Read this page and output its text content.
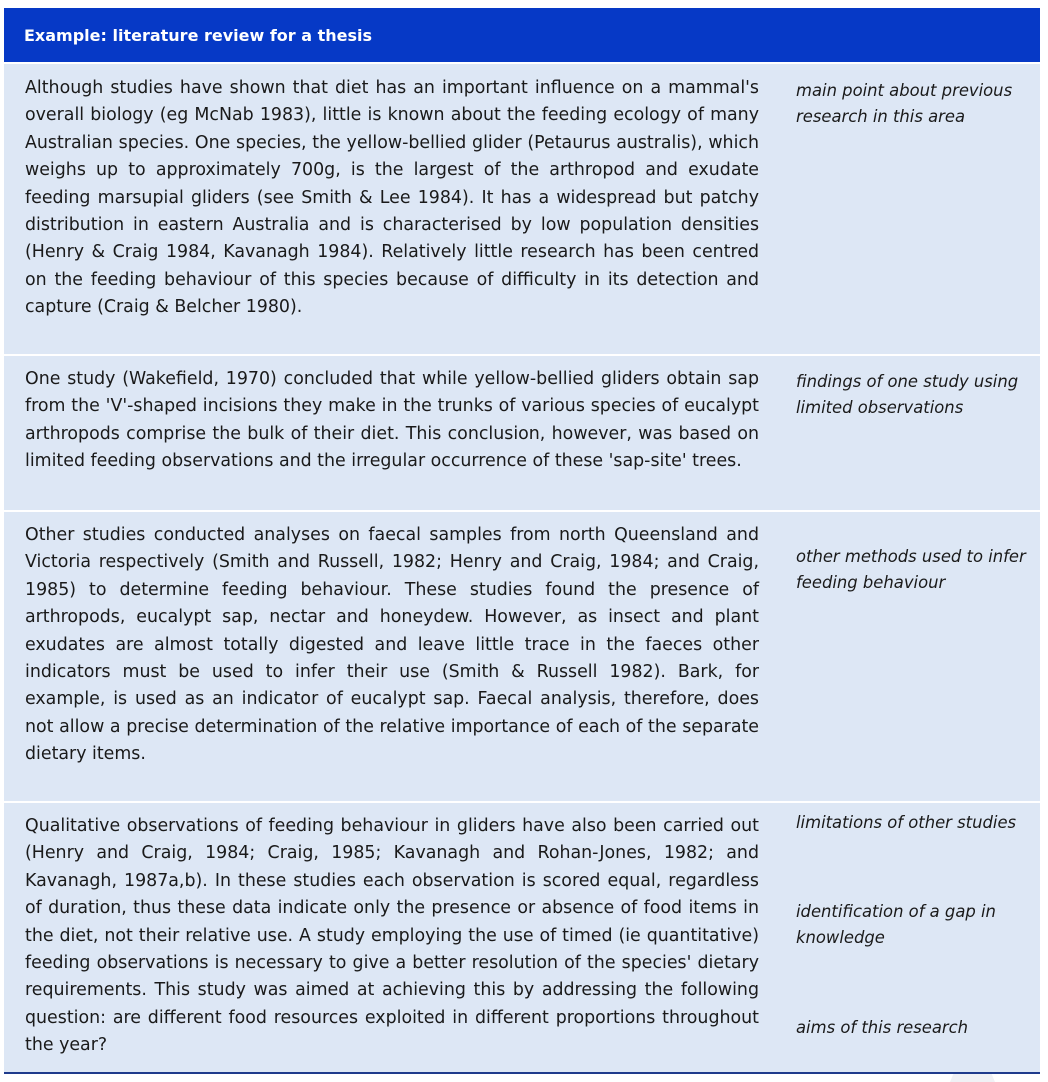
Example: literature review for a thesis
Although studies have shown that diet has an important influence on a mammal's overall biology (eg McNab 1983), little is known about the feeding ecology of many Australian species. One species, the yellow-bellied glider (Petaurus australis), which weighs up to approximately 700g, is the largest of the arthropod and exudate feeding marsupial gliders (see Smith & Lee 1984). It has a widespread but patchy distribution in eastern Australia and is characterised by low population densities (Henry & Craig 1984, Kavanagh 1984). Relatively little research has been centred on the feeding behaviour of this species because of difficulty in its detection and capture (Craig & Belcher 1980).
main point about previous research in this area
One study (Wakefield, 1970) concluded that while yellow-bellied gliders obtain sap from the 'V'-shaped incisions they make in the trunks of various species of eucalypt arthropods comprise the bulk of their diet. This conclusion, however, was based on limited feeding observations and the irregular occurrence of these 'sap-site' trees.
findings of one study using limited observations
Other studies conducted analyses on faecal samples from north Queensland and Victoria respectively (Smith and Russell, 1982; Henry and Craig, 1984; and Craig, 1985) to determine feeding behaviour. These studies found the presence of arthropods, eucalypt sap, nectar and honeydew. However, as insect and plant exudates are almost totally digested and leave little trace in the faeces other indicators must be used to infer their use (Smith & Russell 1982). Bark, for example, is used as an indicator of eucalypt sap. Faecal analysis, therefore, does not allow a precise determination of the relative importance of each of the separate dietary items.
other methods used to infer feeding behaviour
Qualitative observations of feeding behaviour in gliders have also been carried out (Henry and Craig, 1984; Craig, 1985; Kavanagh and Rohan-Jones, 1982; and Kavanagh, 1987a,b). In these studies each observation is scored equal, regardless of duration, thus these data indicate only the presence or absence of food items in the diet, not their relative use. A study employing the use of timed (ie quantitative) feeding observations is necessary to give a better resolution of the species' dietary requirements. This study was aimed at achieving this by addressing the following question: are different food resources exploited in different proportions throughout the year?
limitations of other studies
identification of a gap in knowledge
aims of this research
